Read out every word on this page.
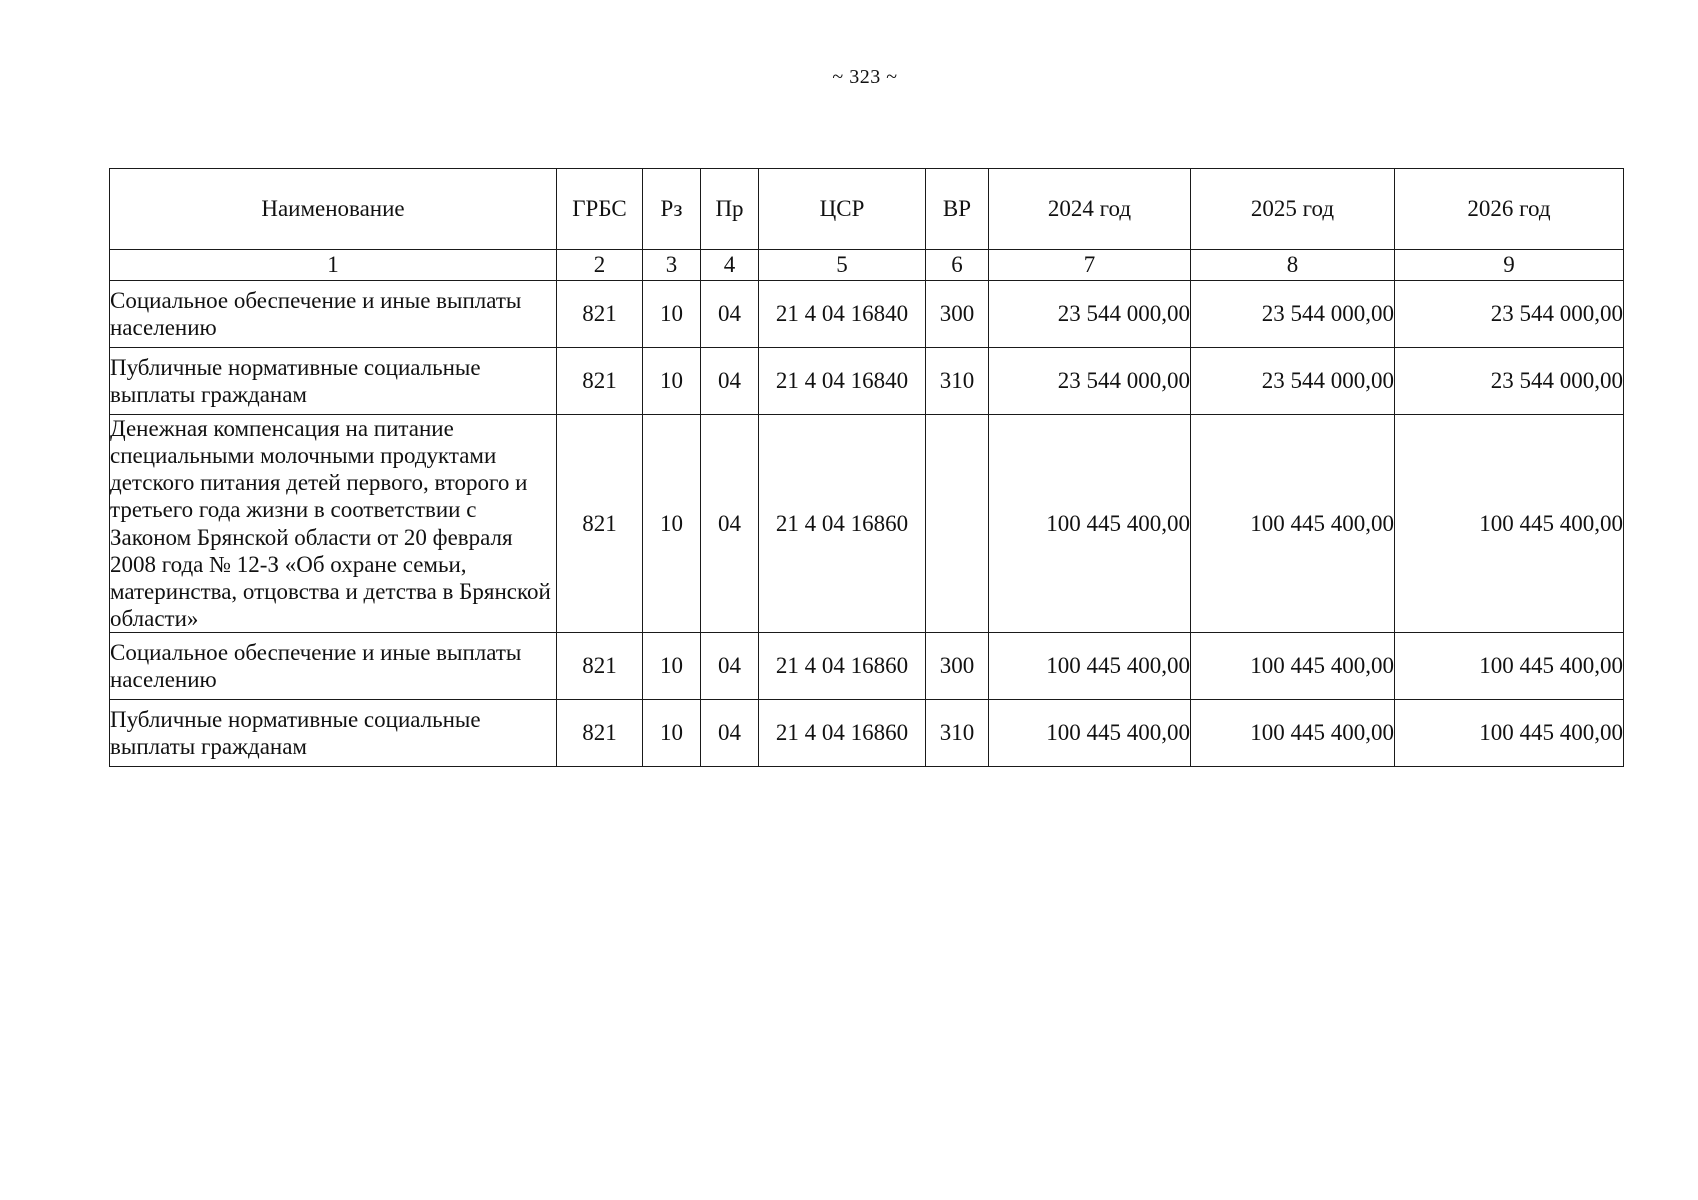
~ 323 ~
Наименование	ГРБС	Рз	Пр	ЦСР	ВР	2024 год	2025 год	2026 год
1	2	3	4	5	6	7	8	9
Социальное обеспечение и иные выплаты населению	821	10	04	21 4 04 16840	300	23 544 000,00	23 544 000,00	23 544 000,00
Публичные нормативные социальные выплаты гражданам	821	10	04	21 4 04 16840	310	23 544 000,00	23 544 000,00	23 544 000,00
Денежная компенсация на питание специальными молочными продуктами детского питания детей первого, второго и третьего года жизни в соответствии с Законом Брянской области от 20 февраля 2008 года № 12-З «Об охране семьи, материнства, отцовства и детства в Брянской области»	821	10	04	21 4 04 16860		100 445 400,00	100 445 400,00	100 445 400,00
Социальное обеспечение и иные выплаты населению	821	10	04	21 4 04 16860	300	100 445 400,00	100 445 400,00	100 445 400,00
Публичные нормативные социальные выплаты гражданам	821	10	04	21 4 04 16860	310	100 445 400,00	100 445 400,00	100 445 400,00
